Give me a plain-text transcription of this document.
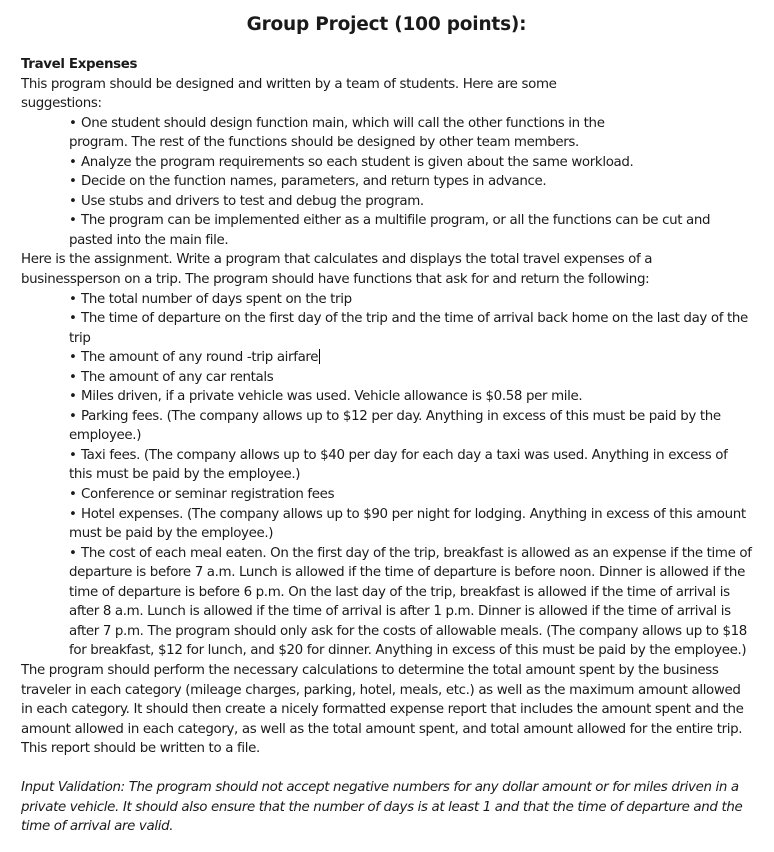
Group Project (100 points):

Travel Expenses

This program should be designed and written by a team of students. Here are some suggestions:

• One student should design function main, which will call the other functions in the program. The rest of the functions should be designed by other team members.

• Analyze the program requirements so each student is given about the same workload.

• Decide on the function names, parameters, and return types in advance.

• Use stubs and drivers to test and debug the program.

• The program can be implemented either as a multifile program, or all the functions can be cut and pasted into the main file.

Here is the assignment. Write a program that calculates and displays the total travel expenses of a businessperson on a trip. The program should have functions that ask for and return the following:

• The total number of days spent on the trip

• The time of departure on the first day of the trip and the time of arrival back home on the last day of the trip

• The amount of any round -trip airfare

• The amount of any car rentals

• Miles driven, if a private vehicle was used. Vehicle allowance is $0.58 per mile.

• Parking fees. (The company allows up to $12 per day. Anything in excess of this must be paid by the employee.)

• Taxi fees. (The company allows up to $40 per day for each day a taxi was used. Anything in excess of this must be paid by the employee.)

• Conference or seminar registration fees

• Hotel expenses. (The company allows up to $90 per night for lodging. Anything in excess of this amount must be paid by the employee.)

• The cost of each meal eaten. On the first day of the trip, breakfast is allowed as an expense if the time of departure is before 7 a.m. Lunch is allowed if the time of departure is before noon. Dinner is allowed if the time of departure is before 6 p.m. On the last day of the trip, breakfast is allowed if the time of arrival is after 8 a.m. Lunch is allowed if the time of arrival is after 1 p.m. Dinner is allowed if the time of arrival is after 7 p.m. The program should only ask for the costs of allowable meals. (The company allows up to $18 for breakfast, $12 for lunch, and $20 for dinner. Anything in excess of this must be paid by the employee.)

The program should perform the necessary calculations to determine the total amount spent by the business traveler in each category (mileage charges, parking, hotel, meals, etc.) as well as the maximum amount allowed in each category. It should then create a nicely formatted expense report that includes the amount spent and the amount allowed in each category, as well as the total amount spent, and total amount allowed for the entire trip. This report should be written to a file.

Input Validation: The program should not accept negative numbers for any dollar amount or for miles driven in a private vehicle. It should also ensure that the number of days is at least 1 and that the time of departure and the time of arrival are valid.
